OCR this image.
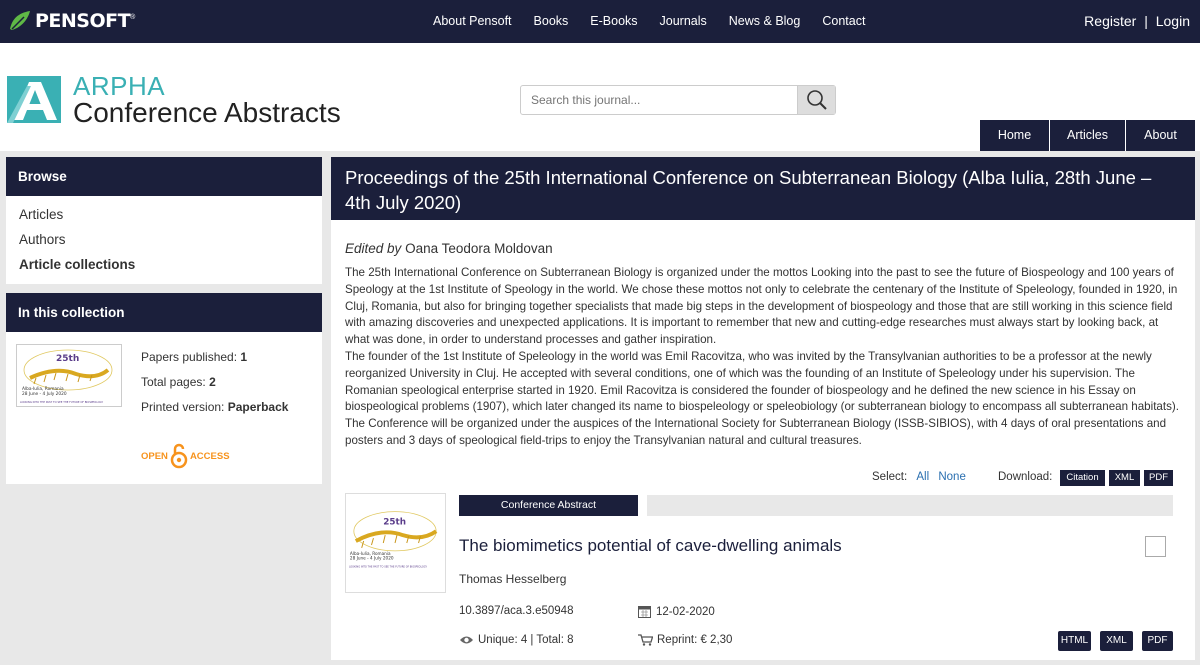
PENSOFT ®	About Pensoft Books E-Books Journals News & Blog Contact	Register | Login
ARPHA
Conference Abstracts
Search this journal...
Home	Articles	About
Browse
Articles
Authors
Article collections
In this collection
25th
Alba-Iulia, Romania
28 June - 4 July 2020
LOOKING INTO THE PAST TO SEE THE FUTURE OF BIOSPEOLOGY
Papers published: 1
Total pages: 2
Printed version: Paperback
OPEN ACCESS
Proceedings of the 25th International Conference on Subterranean Biology (Alba Iulia, 28th June – 4th July 2020)
Edited by Oana Teodora Moldovan

The 25th International Conference on Subterranean Biology is organized under the mottos Looking into the past to see the future of Biospeology and 100 years of Speology at the 1st Institute of Speology in the world. We chose these mottos not only to celebrate the centenary of the Institute of Speleology, founded in 1920, in Cluj, Romania, but also for bringing together specialists that made big steps in the development of biospeology and those that are still working in this science field with amazing discoveries and unexpected applications. It is important to remember that new and cutting-edge researches must always start by looking back, at what was done, in order to understand processes and gather inspiration.

The founder of the 1st Institute of Speleology in the world was Emil Racovitza, who was invited by the Transylvanian authorities to be a professor at the newly reorganized University in Cluj. He accepted with several conditions, one of which was the founding of an Institute of Speleology under his supervision. The Romanian speological enterprise started in 1920. Emil Racovitza is considered the founder of biospeology and he defined the new science in his Essay on biospeological problems (1907), which later changed its name to biospeleology or speleobiology (or subterranean biology to encompass all subterranean habitats). The Conference will be organized under the auspices of the International Society for Subterranean Biology (ISSB-SIBIOS), with 4 days of oral presentations and posters and 3 days of speological field-trips to enjoy the Transylvanian natural and cultural treasures.

Select: All None	Download:	Citation	XML	PDF
25th
Alba-Iulia, Romania
28 June - 4 July 2020
LOOKING INTO THE PAST TO SEE THE FUTURE OF BIOSPEOLOGY
Conference Abstract
The biomimetics potential of cave-dwelling animals
Thomas Hesselberg
10.3897/aca.3.e50948	12-02-2020
Unique: 4 | Total: 8	Reprint: € 2,30	HTML	XML	PDF
